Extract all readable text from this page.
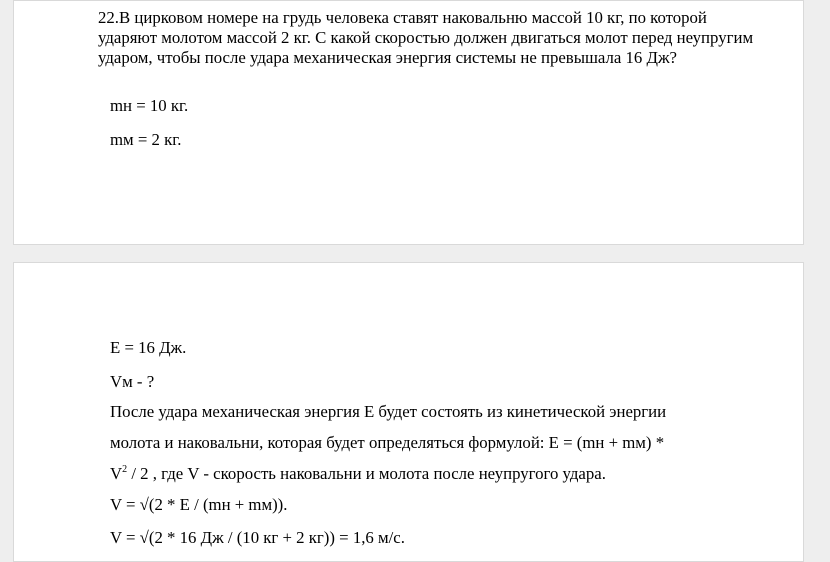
22.В цирковом номере на грудь человека ставят наковальню массой 10 кг, по которой ударяют молотом массой 2 кг. С какой скоростью должен двигаться молот перед неупругим ударом, чтобы после удара механическая энергия системы не превышала 16 Дж?

mн = 10 кг.

mм = 2 кг.

E = 16 Дж.

Vм - ?

После удара механическая энергия E будет состоять из кинетической энергии

молота и наковальни, которая будет определяться формулой: E = (mн + mм) *

$V^2 / 2$ , где V - скорость наковальни и молота после неупругого удара.

V = √(2 * E / (mн + mм)).

V = √(2 * 16 Дж / (10 кг + 2 кг)) = 1,6 м/с.
